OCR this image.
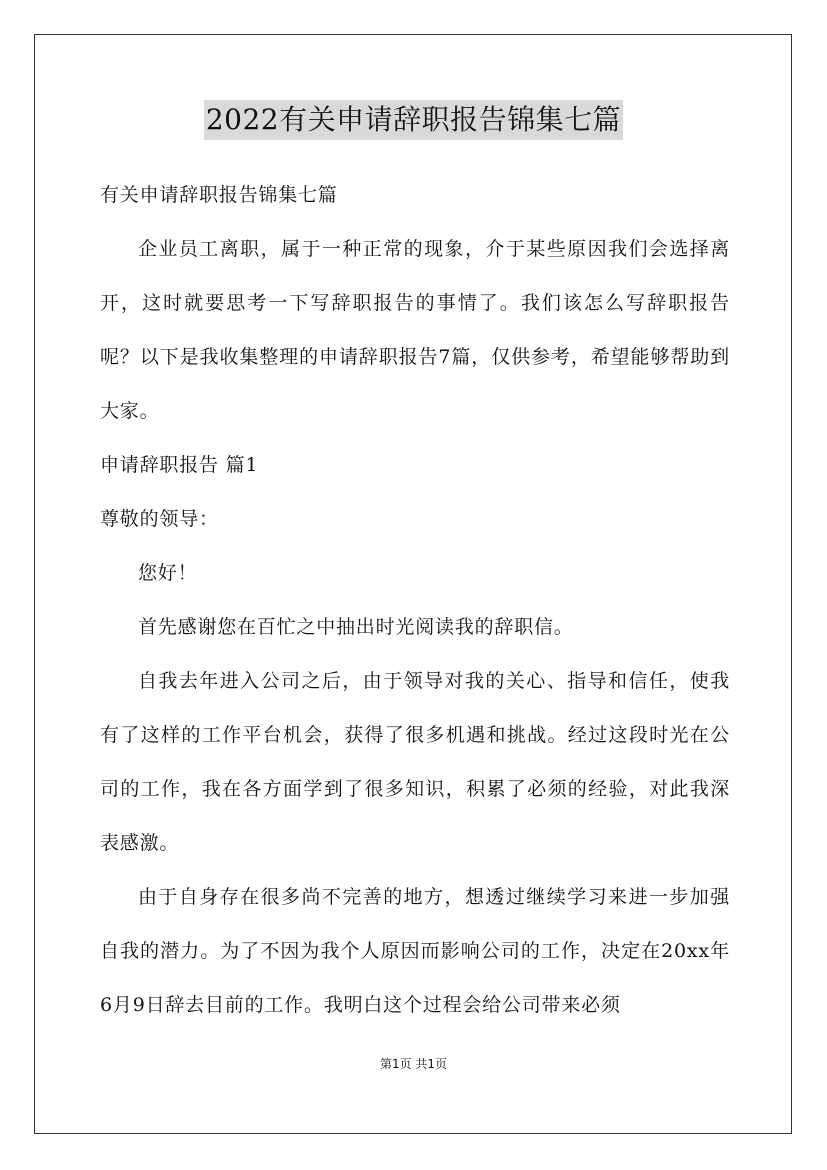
2022有关申请辞职报告锦集七篇

有关申请辞职报告锦集七篇

企业员工离职，属于一种正常的现象，介于某些原因我们会选择离开，这时就要思考一下写辞职报告的事情了。我们该怎么写辞职报告呢？以下是我收集整理的申请辞职报告7篇，仅供参考，希望能够帮助到大家。

申请辞职报告 篇1

尊敬的领导：

您好！

首先感谢您在百忙之中抽出时光阅读我的辞职信。

自我去年进入公司之后，由于领导对我的关心、指导和信任，使我有了这样的工作平台机会，获得了很多机遇和挑战。经过这段时光在公司的工作，我在各方面学到了很多知识，积累了必须的经验，对此我深表感激。

由于自身存在很多尚不完善的地方，想透过继续学习来进一步加强自我的潜力。为了不因为我个人原因而影响公司的工作，决定在20xx年6月9日辞去目前的工作。我明白这个过程会给公司带来必须

第1页 共1页
